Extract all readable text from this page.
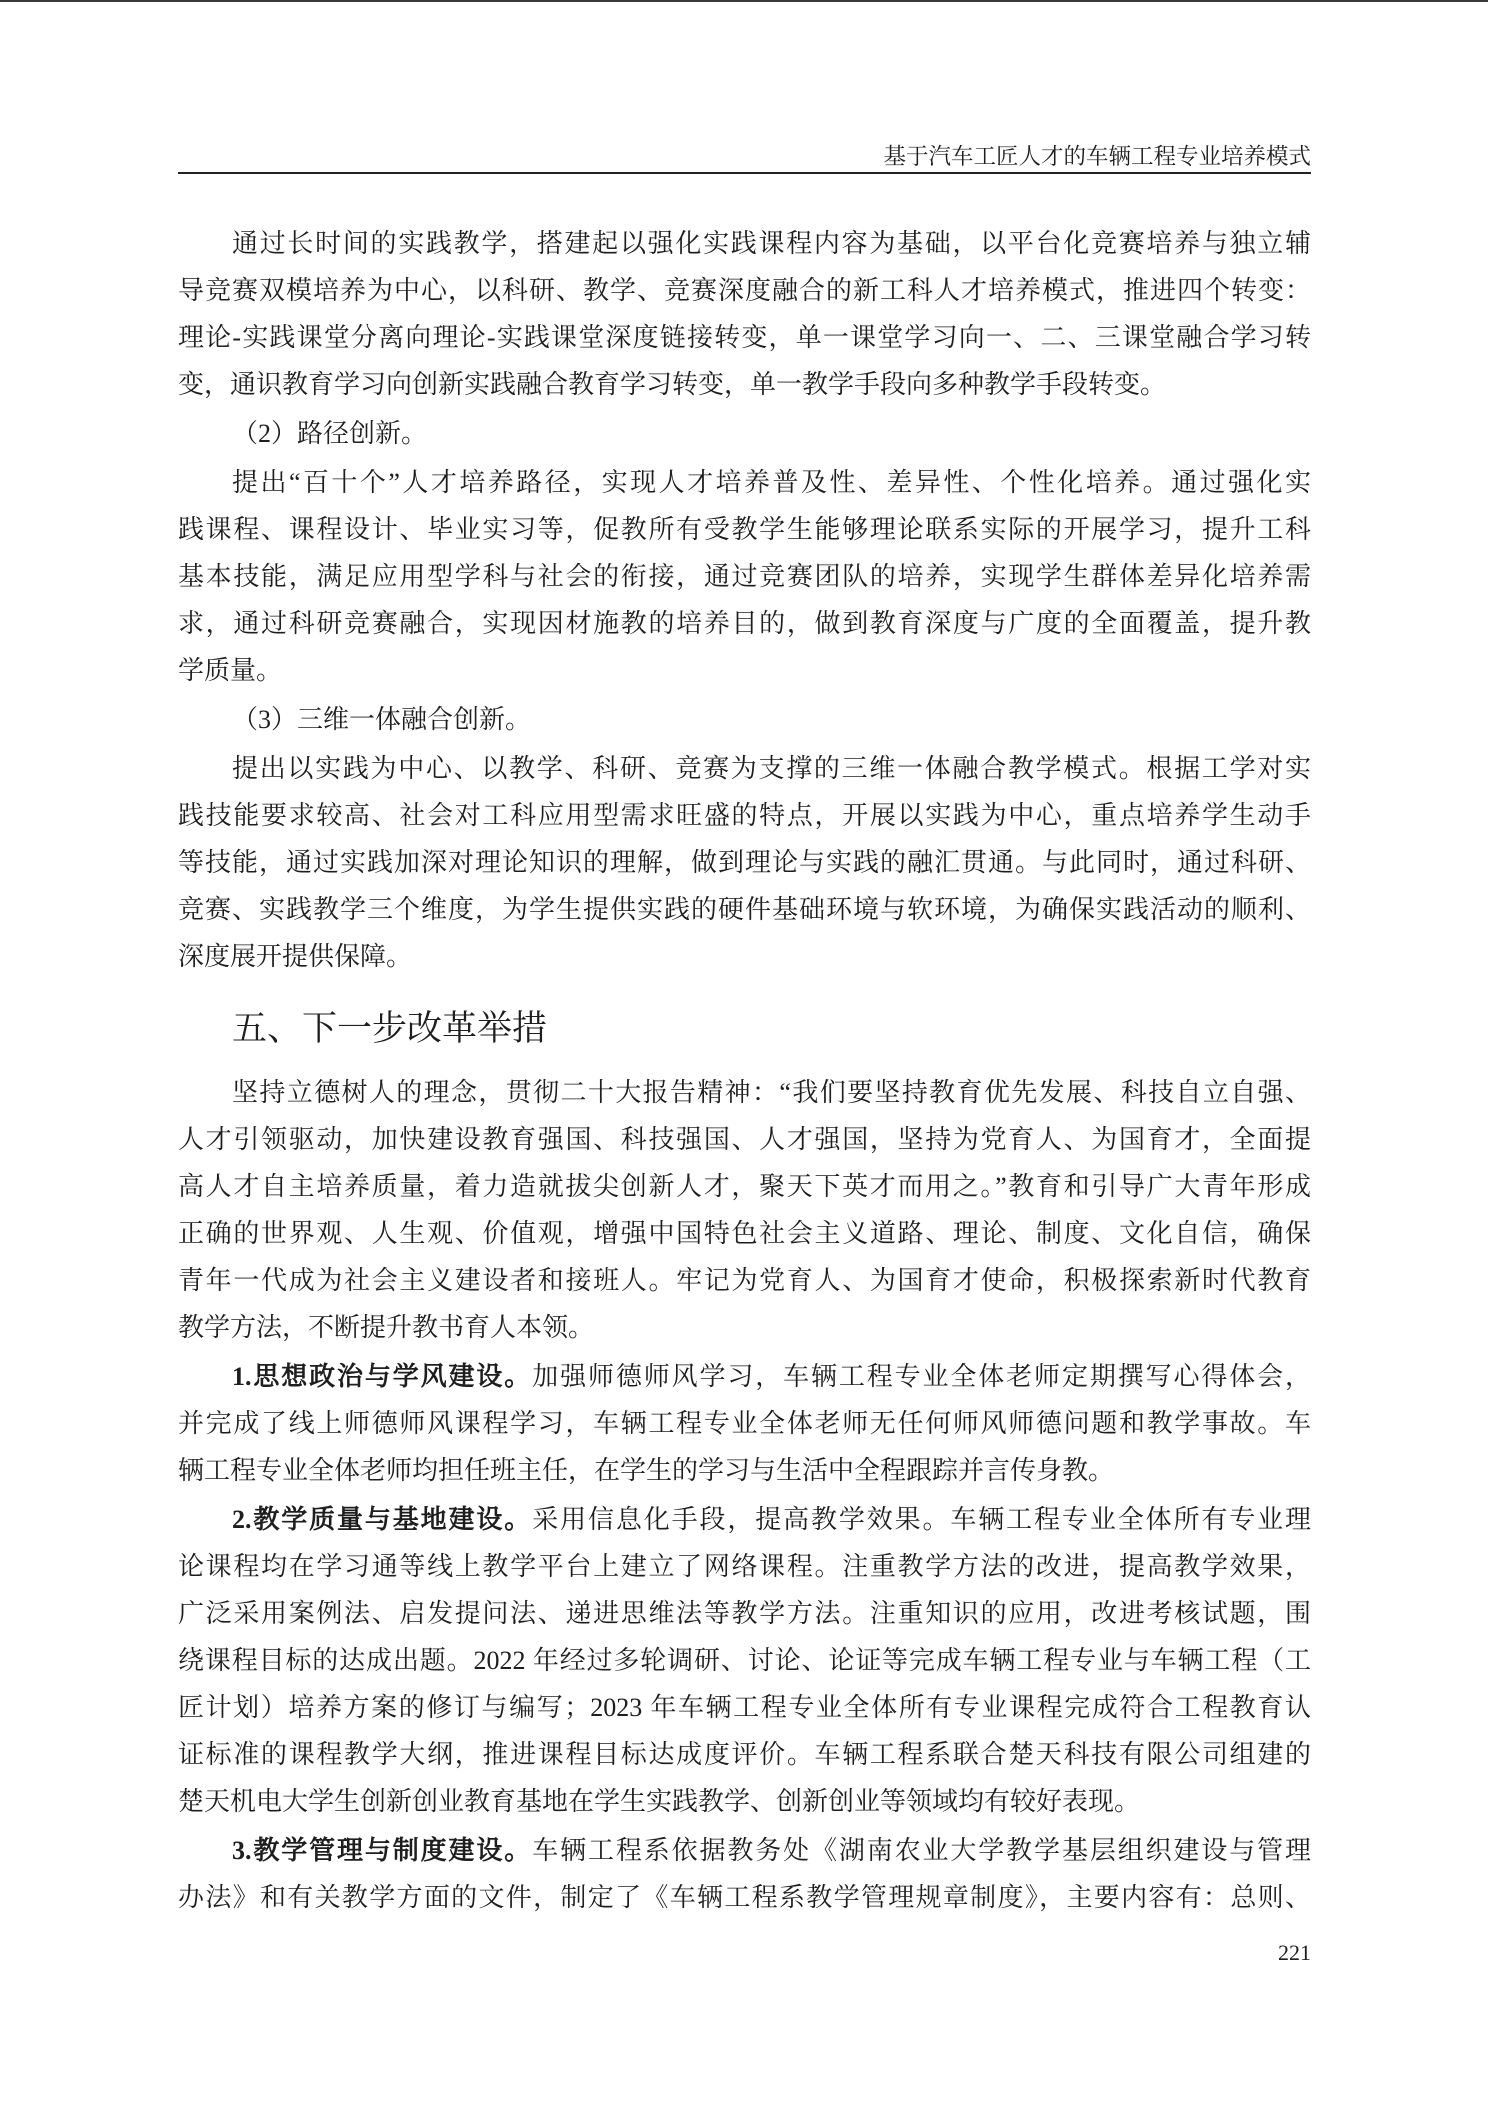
基于汽车工匠人才的车辆工程专业培养模式
通过长时间的实践教学，搭建起以强化实践课程内容为基础，以平台化竞赛培养与独立辅
导竞赛双模培养为中心，以科研、教学、竞赛深度融合的新工科人才培养模式，推进四个转变：
理论-实践课堂分离向理论-实践课堂深度链接转变，单一课堂学习向一、二、三课堂融合学习转
变，通识教育学习向创新实践融合教育学习转变，单一教学手段向多种教学手段转变。
（2）路径创新。
提出“百十个”人才培养路径，实现人才培养普及性、差异性、个性化培养。通过强化实
践课程、课程设计、毕业实习等，促教所有受教学生能够理论联系实际的开展学习，提升工科
基本技能，满足应用型学科与社会的衔接，通过竞赛团队的培养，实现学生群体差异化培养需
求，通过科研竞赛融合，实现因材施教的培养目的，做到教育深度与广度的全面覆盖，提升教
学质量。
（3）三维一体融合创新。
提出以实践为中心、以教学、科研、竞赛为支撑的三维一体融合教学模式。根据工学对实
践技能要求较高、社会对工科应用型需求旺盛的特点，开展以实践为中心，重点培养学生动手
等技能，通过实践加深对理论知识的理解，做到理论与实践的融汇贯通。与此同时，通过科研、
竞赛、实践教学三个维度，为学生提供实践的硬件基础环境与软环境，为确保实践活动的顺利、
深度展开提供保障。
五、下一步改革举措
坚持立德树人的理念，贯彻二十大报告精神：“我们要坚持教育优先发展、科技自立自强、
人才引领驱动，加快建设教育强国、科技强国、人才强国，坚持为党育人、为国育才，全面提
高人才自主培养质量，着力造就拔尖创新人才，聚天下英才而用之。”教育和引导广大青年形成
正确的世界观、人生观、价值观，增强中国特色社会主义道路、理论、制度、文化自信，确保
青年一代成为社会主义建设者和接班人。牢记为党育人、为国育才使命，积极探索新时代教育
教学方法，不断提升教书育人本领。
1.思想政治与学风建设。加强师德师风学习，车辆工程专业全体老师定期撰写心得体会，
并完成了线上师德师风课程学习，车辆工程专业全体老师无任何师风师德问题和教学事故。车
辆工程专业全体老师均担任班主任，在学生的学习与生活中全程跟踪并言传身教。
2.教学质量与基地建设。采用信息化手段，提高教学效果。车辆工程专业全体所有专业理
论课程均在学习通等线上教学平台上建立了网络课程。注重教学方法的改进，提高教学效果，
广泛采用案例法、启发提问法、递进思维法等教学方法。注重知识的应用，改进考核试题，围
绕课程目标的达成出题。2022 年经过多轮调研、讨论、论证等完成车辆工程专业与车辆工程（工
匠计划）培养方案的修订与编写；2023 年车辆工程专业全体所有专业课程完成符合工程教育认
证标准的课程教学大纲，推进课程目标达成度评价。车辆工程系联合楚天科技有限公司组建的
楚天机电大学生创新创业教育基地在学生实践教学、创新创业等领域均有较好表现。
3.教学管理与制度建设。车辆工程系依据教务处《湖南农业大学教学基层组织建设与管理
办法》和有关教学方面的文件，制定了《车辆工程系教学管理规章制度》，主要内容有：总则、
221
